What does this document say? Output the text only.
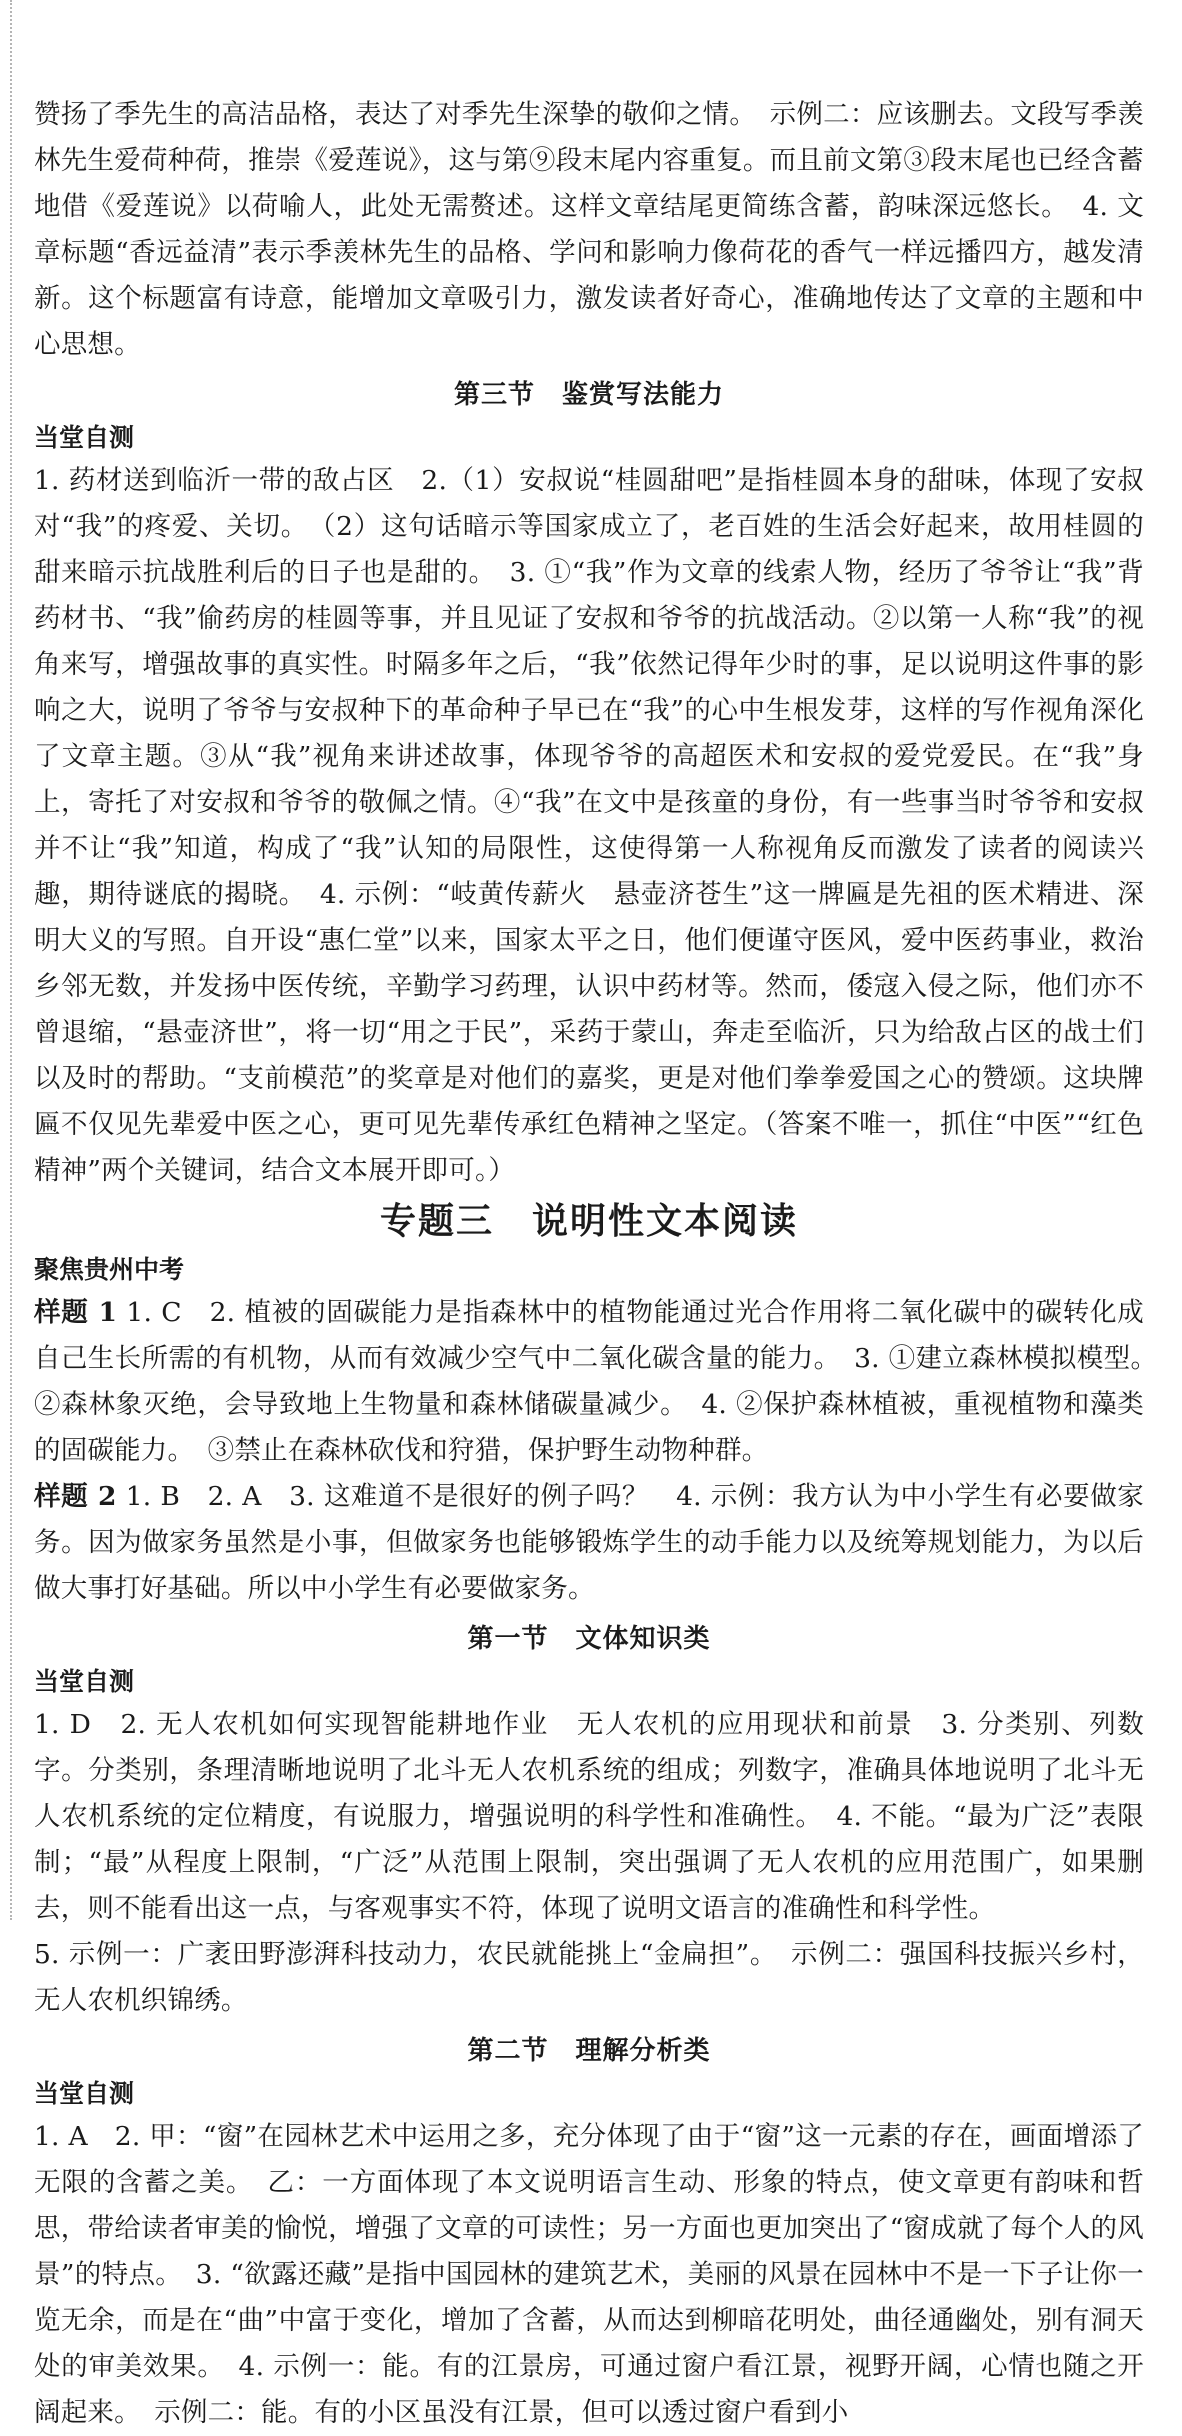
赞扬了季先生的高洁品格，表达了对季先生深挚的敬仰之情。　示例二：应该删去。文段写季羡林先生爱荷种荷，推崇《爱莲说》，这与第⑨段末尾内容重复。而且前文第③段末尾也已经含蓄地借《爱莲说》以荷喻人，此处无需赘述。这样文章结尾更简练含蓄，韵味深远悠长。　4. 文章标题“香远益清”表示季羡林先生的品格、学问和影响力像荷花的香气一样远播四方，越发清新。这个标题富有诗意，能增加文章吸引力，激发读者好奇心，准确地传达了文章的主题和中心思想。

第三节　鉴赏写法能力

当堂自测

1. 药材送到临沂一带的敌占区　2.（1）安叔说“桂圆甜吧”是指桂圆本身的甜味，体现了安叔对“我”的疼爱、关切。　（2）这句话暗示等国家成立了，老百姓的生活会好起来，故用桂圆的甜来暗示抗战胜利后的日子也是甜的。　3. ①“我”作为文章的线索人物，经历了爷爷让“我”背药材书、“我”偷药房的桂圆等事，并且见证了安叔和爷爷的抗战活动。②以第一人称“我”的视角来写，增强故事的真实性。时隔多年之后，“我”依然记得年少时的事，足以说明这件事的影响之大，说明了爷爷与安叔种下的革命种子早已在“我”的心中生根发芽，这样的写作视角深化了文章主题。③从“我”视角来讲述故事，体现爷爷的高超医术和安叔的爱党爱民。在“我”身上，寄托了对安叔和爷爷的敬佩之情。④“我”在文中是孩童的身份，有一些事当时爷爷和安叔并不让“我”知道，构成了“我”认知的局限性，这使得第一人称视角反而激发了读者的阅读兴趣，期待谜底的揭晓。　4. 示例：“岐黄传薪火　悬壶济苍生”这一牌匾是先祖的医术精进、深明大义的写照。自开设“惠仁堂”以来，国家太平之日，他们便谨守医风，爱中医药事业，救治乡邻无数，并发扬中医传统，辛勤学习药理，认识中药材等。然而，倭寇入侵之际，他们亦不曾退缩，“悬壶济世”，将一切“用之于民”，采药于蒙山，奔走至临沂，只为给敌占区的战士们以及时的帮助。“支前模范”的奖章是对他们的嘉奖，更是对他们拳拳爱国之心的赞颂。这块牌匾不仅见先辈爱中医之心，更可见先辈传承红色精神之坚定。（答案不唯一，抓住“中医”“红色精神”两个关键词，结合文本展开即可。）

专题三　说明性文本阅读

聚焦贵州中考

样题 1 1. C　2. 植被的固碳能力是指森林中的植物能通过光合作用将二氧化碳中的碳转化成自己生长所需的有机物，从而有效减少空气中二氧化碳含量的能力。　3. ①建立森林模拟模型。　②森林象灭绝，会导致地上生物量和森林储碳量减少。　4. ②保护森林植被，重视植物和藻类的固碳能力。　③禁止在森林砍伐和狩猎，保护野生动物种群。

样题 2 1. B　2. A　3. 这难道不是很好的例子吗？　4. 示例：我方认为中小学生有必要做家务。因为做家务虽然是小事，但做家务也能够锻炼学生的动手能力以及统筹规划能力，为以后做大事打好基础。所以中小学生有必要做家务。

第一节　文体知识类

当堂自测

1. D　2. 无人农机如何实现智能耕地作业　无人农机的应用现状和前景　3. 分类别、列数字。分类别，条理清晰地说明了北斗无人农机系统的组成；列数字，准确具体地说明了北斗无人农机系统的定位精度，有说服力，增强说明的科学性和准确性。　4. 不能。“最为广泛”表限制；“最”从程度上限制，“广泛”从范围上限制，突出强调了无人农机的应用范围广，如果删去，则不能看出这一点，与客观事实不符，体现了说明文语言的准确性和科学性。

5. 示例一：广袤田野澎湃科技动力，农民就能挑上“金扁担”。　示例二：强国科技振兴乡村，无人农机织锦绣。

第二节　理解分析类

当堂自测

1. A　2. 甲：“窗”在园林艺术中运用之多，充分体现了由于“窗”这一元素的存在，画面增添了无限的含蓄之美。　乙：一方面体现了本文说明语言生动、形象的特点，使文章更有韵味和哲思，带给读者审美的愉悦，增强了文章的可读性；另一方面也更加突出了“窗成就了每个人的风景”的特点。　3. “欲露还藏”是指中国园林的建筑艺术，美丽的风景在园林中不是一下子让你一览无余，而是在“曲”中富于变化，增加了含蓄，从而达到柳暗花明处，曲径通幽处，别有洞天处的审美效果。　4. 示例一：能。有的江景房，可通过窗户看江景，视野开阔，心情也随之开阔起来。　示例二：能。有的小区虽没有江景，但可以透过窗户看到小
